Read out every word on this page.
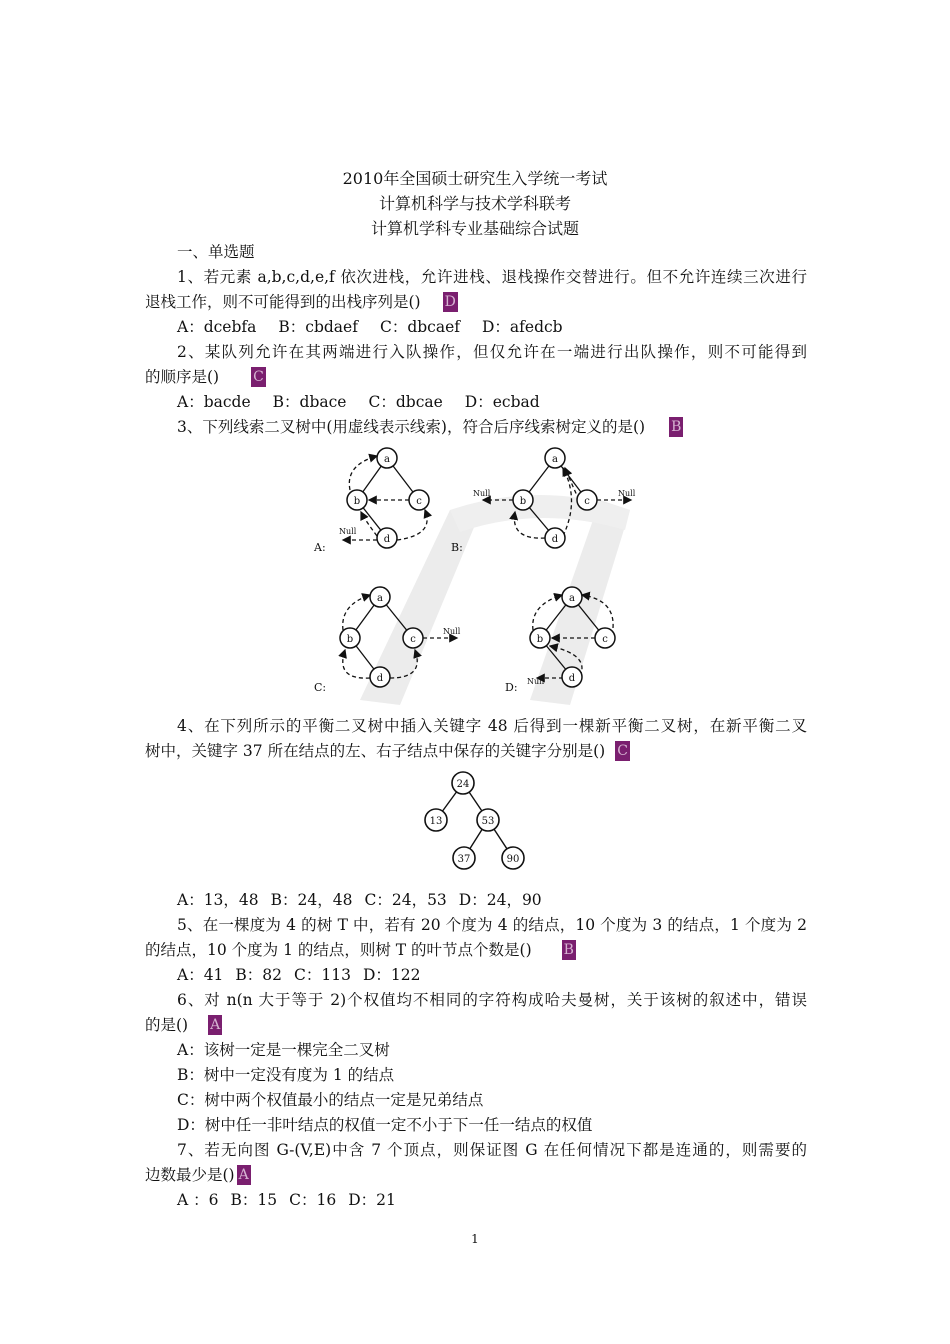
2010年全国硕士研究生入学统一考试
计算机科学与技术学科联考
计算机学科专业基础综合试题
一、单选题
1、若元素 a,b,c,d,e,f 依次进栈，允许进栈、退栈操作交替进行。但不允许连续三次进行
退栈工作，则不可能得到的出栈序列是() D
A：dcebfa B：cbdaef C：dbcaef D：afedcb
2、某队列允许在其两端进行入队操作，但仅允许在一端进行出队操作，则不可能得到
的顺序是() C
A：bacde B：dbace C：dbcae D：ecbad
3、下列线索二叉树中(用虚线表示线索)，符合后序线索树定义的是() B
a
b	c
d
a
b	c
d
a
b	c
d
a
b	c
d
Null
Null	Null
Null
Null
A:	B:
C:	D:
4、在下列所示的平衡二叉树中插入关键字 48 后得到一棵新平衡二叉树，在新平衡二叉
树中，关键字 37 所在结点的左、右子结点中保存的关键字分别是() C
24
13	53
37	90
A：13，48 B：24，48 C：24，53 D：24，90
5、在一棵度为 4 的树 T 中，若有 20 个度为 4 的结点，10 个度为 3 的结点，1 个度为 2
的结点，10 个度为 1 的结点，则树 T 的叶节点个数是() B
A：41 B：82 C：113 D：122
6、对 n(n 大于等于 2)个权值均不相同的字符构成哈夫曼树，关于该树的叙述中，错误
的是() A
A：该树一定是一棵完全二叉树
B：树中一定没有度为 1 的结点
C：树中两个权值最小的结点一定是兄弟结点
D：树中任一非叶结点的权值一定不小于下一任一结点的权值
7、若无向图 G-(V,E)中含 7 个顶点，则保证图 G 在任何情况下都是连通的，则需要的
边数最少是() A
A ：6 B：15 C：16 D：21
1
